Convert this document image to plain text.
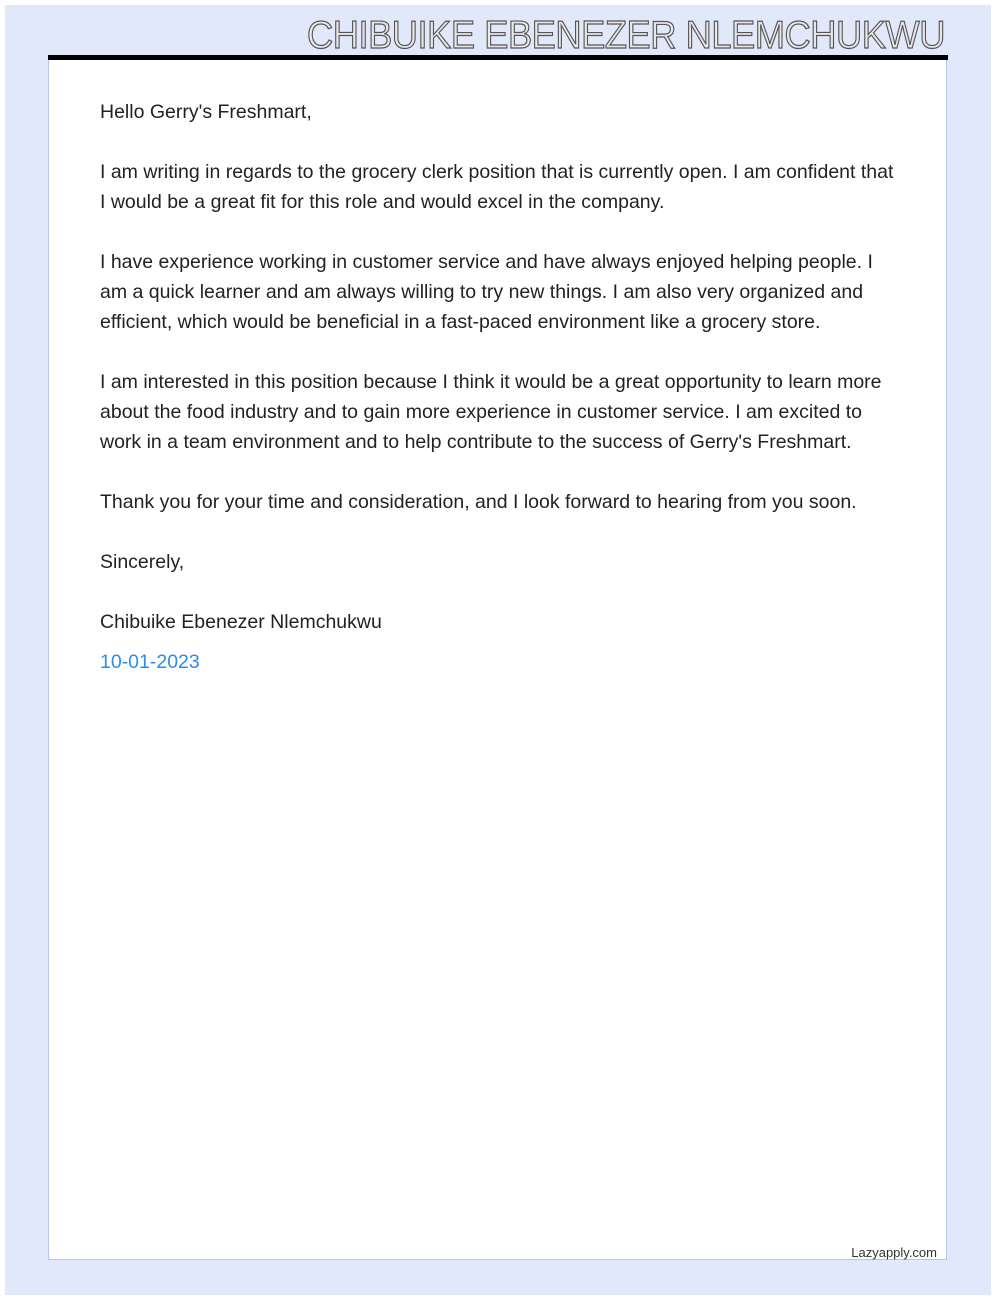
CHIBUIKE EBENEZER NLEMCHUKWU

Hello Gerry's Freshmart,

I am writing in regards to the grocery clerk position that is currently open. I am confident that I would be a great fit for this role and would excel in the company.

I have experience working in customer service and have always enjoyed helping people. I am a quick learner and am always willing to try new things. I am also very organized and efficient, which would be beneficial in a fast-paced environment like a grocery store.

I am interested in this position because I think it would be a great opportunity to learn more about the food industry and to gain more experience in customer service. I am excited to work in a team environment and to help contribute to the success of Gerry's Freshmart.

Thank you for your time and consideration, and I look forward to hearing from you soon.

Sincerely,

Chibuike Ebenezer Nlemchukwu

10-01-2023
Lazyapply.com
